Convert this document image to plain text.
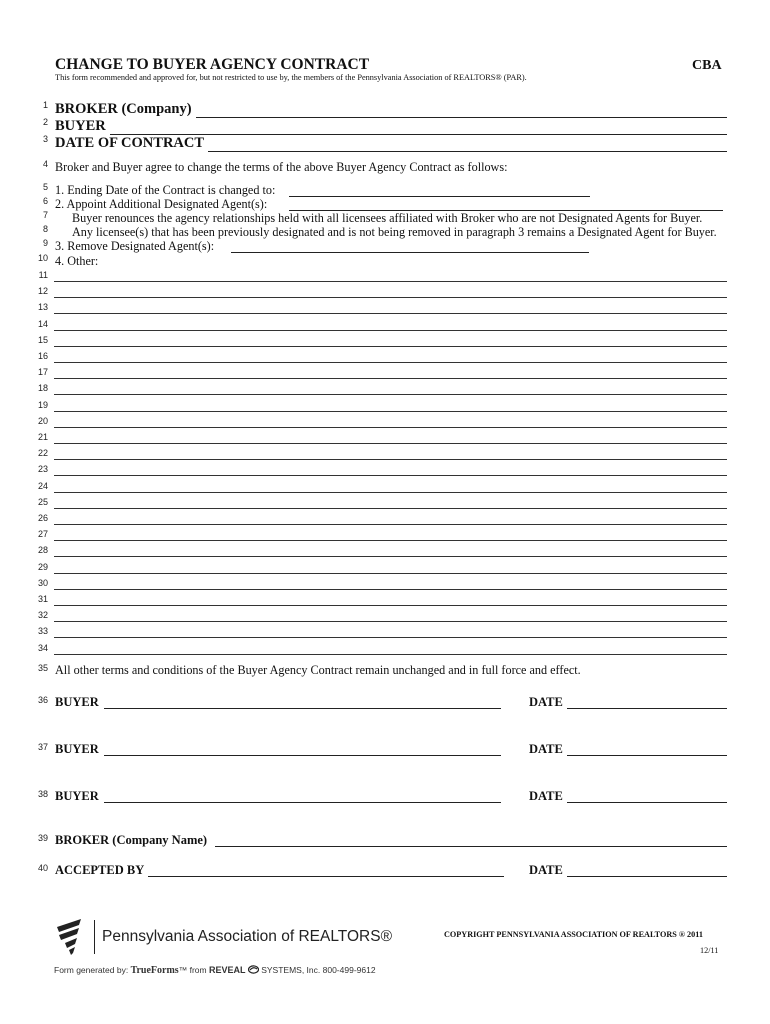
CHANGE TO BUYER AGENCY CONTRACT	CBA
This form recommended and approved for, but not restricted to use by, the members of the Pennsylvania Association of REALTORS® (PAR).
1
2
3
4
5
6
7
8
9
10
11
12
13
14
15
16
17
18
19
20
21
22
23
24
25
26
27
28
29
30
31
32
33
34
35
36
37
38
39
40
BROKER (Company)
BUYER
DATE OF CONTRACT
Broker and Buyer agree to change the terms of the above Buyer Agency Contract as follows:
1. Ending Date of the Contract is changed to:
2. Appoint Additional Designated Agent(s):
Buyer renounces the agency relationships held with all licensees affiliated with Broker who are not Designated Agents for Buyer.
Any licensee(s) that has been previously designated and is not being removed in paragraph 3 remains a Designated Agent for Buyer.
3. Remove Designated Agent(s):
4. Other:
All other terms and conditions of the Buyer Agency Contract remain unchanged and in full force and effect.
BUYER	DATE
BUYER	DATE
BUYER	DATE
BROKER (Company Name)
ACCEPTED BY	DATE
Pennsylvania Association of REALTORS®	COPYRIGHT PENNSYLVANIA ASSOCIATION OF REALTORS ® 2011
12/11
Form generated by: TrueForms™ from REVEAL SYSTEMS, Inc. 800-499-9612
